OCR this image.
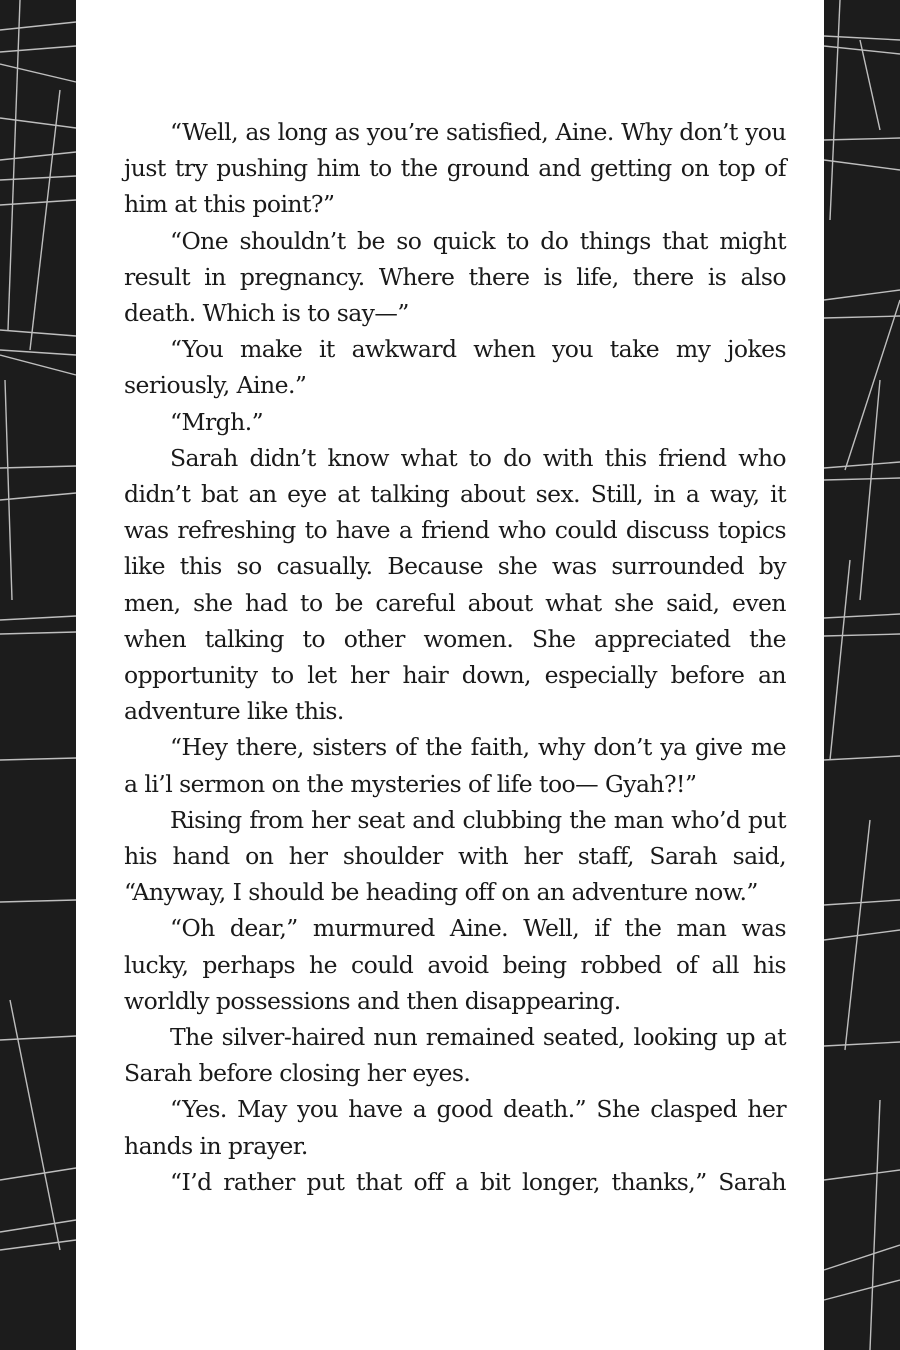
“Well, as long as you’re satisfied, Aine. Why don’t you just try pushing him to the ground and getting on top of him at this point?”

“One shouldn’t be so quick to do things that might result in pregnancy. Where there is life, there is also death. Which is to say—”

“You make it awkward when you take my jokes seriously, Aine.”

“Mrgh.”

Sarah didn’t know what to do with this friend who didn’t bat an eye at talking about sex. Still, in a way, it was refreshing to have a friend who could discuss topics like this so casually. Because she was surrounded by men, she had to be careful about what she said, even when talking to other women. She appreciated the opportunity to let her hair down, especially before an adventure like this.

“Hey there, sisters of the faith, why don’t ya give me a li’l sermon on the mysteries of life too— Gyah?!”

Rising from her seat and clubbing the man who’d put his hand on her shoulder with her staff, Sarah said, “Anyway, I should be heading off on an adventure now.”

“Oh dear,” murmured Aine. Well, if the man was lucky, perhaps he could avoid being robbed of all his worldly possessions and then disappearing.

The silver-haired nun remained seated, looking up at Sarah before closing her eyes.

“Yes. May you have a good death.” She clasped her hands in prayer.

“I’d rather put that off a bit longer, thanks,” Sarah
